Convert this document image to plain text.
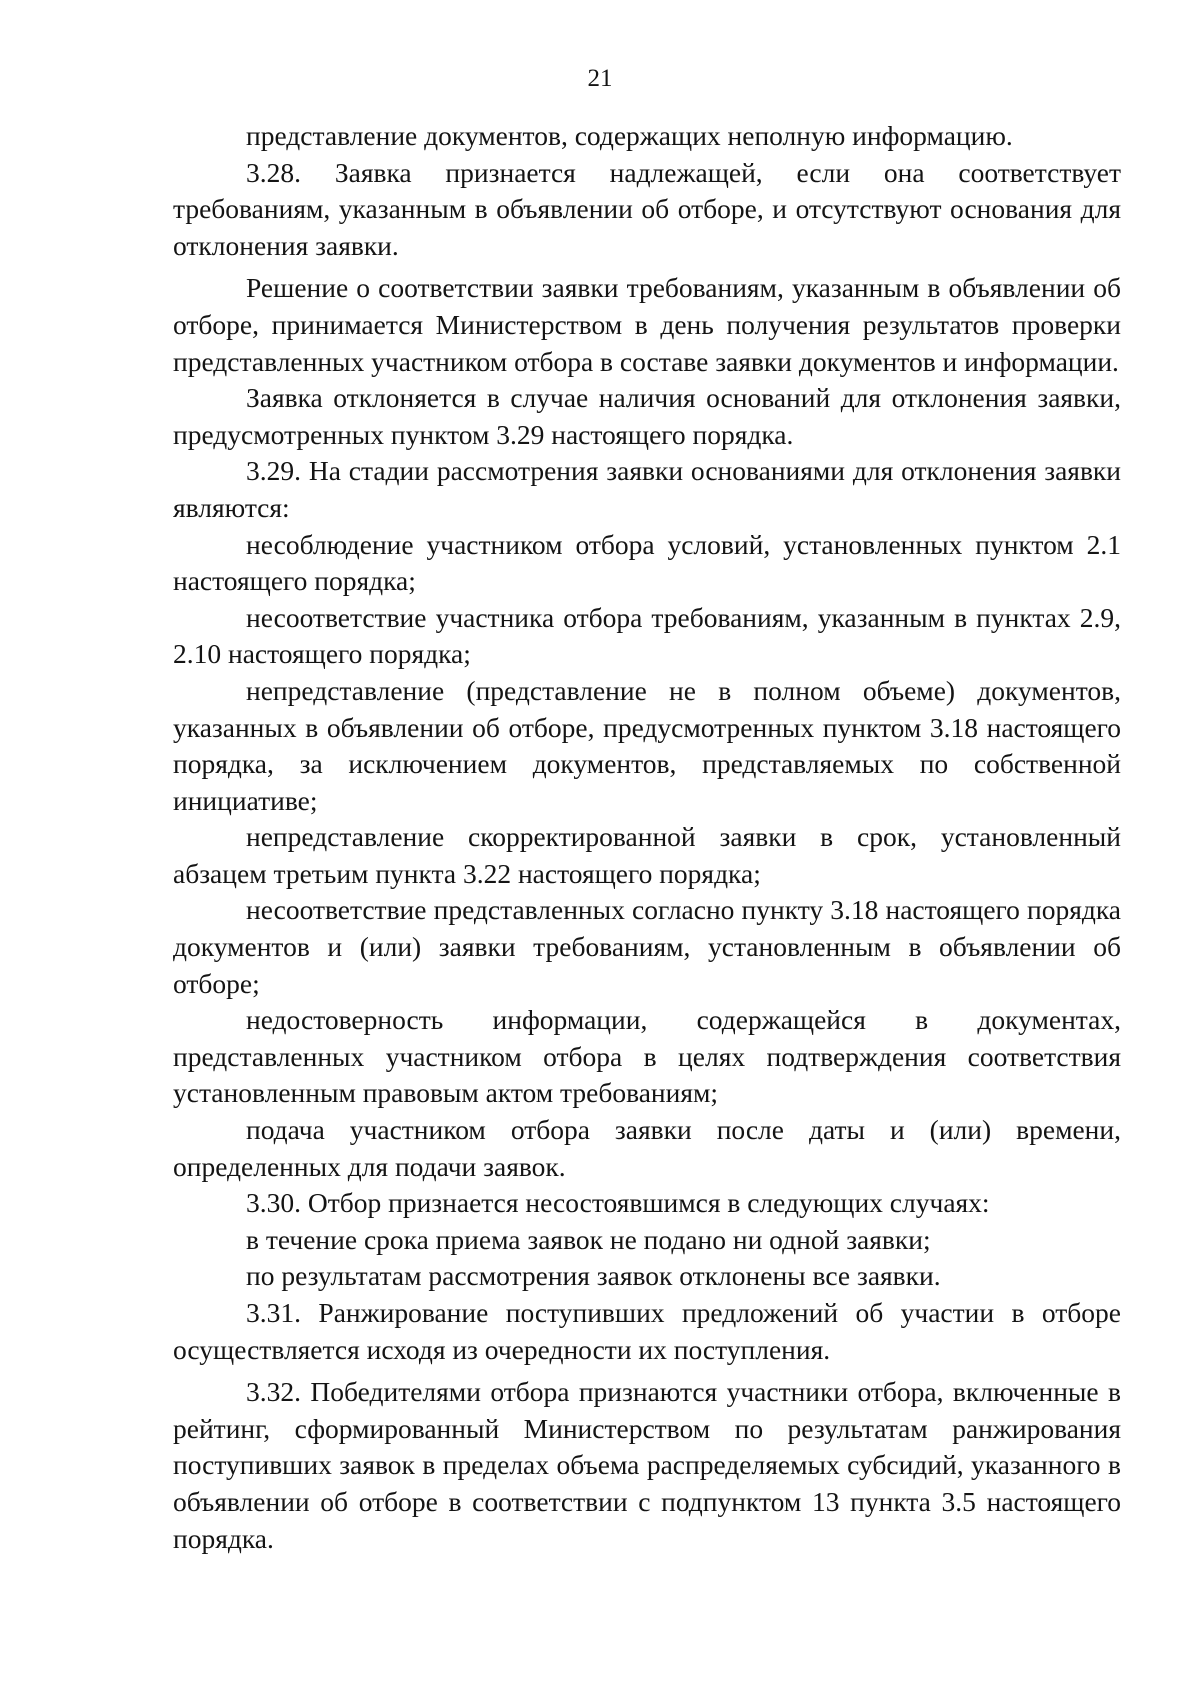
21

представление документов, содержащих неполную информацию.

3.28. Заявка признается надлежащей, если она соответствует требованиям, указанным в объявлении об отборе, и отсутствуют основания для отклонения заявки.

Решение о соответствии заявки требованиям, указанным в объявлении об отборе, принимается Министерством в день получения результатов проверки представленных участником отбора в составе заявки документов и информации.

Заявка отклоняется в случае наличия оснований для отклонения заявки, предусмотренных пунктом 3.29 настоящего порядка.

3.29. На стадии рассмотрения заявки основаниями для отклонения заявки являются:

несоблюдение участником отбора условий, установленных пунктом 2.1 настоящего порядка;

несоответствие участника отбора требованиям, указанным в пунктах 2.9, 2.10 настоящего порядка;

непредставление (представление не в полном объеме) документов, указанных в объявлении об отборе, предусмотренных пунктом 3.18 настоящего порядка, за исключением документов, представляемых по собственной инициативе;

непредставление скорректированной заявки в срок, установленный абзацем третьим пункта 3.22 настоящего порядка;

несоответствие представленных согласно пункту 3.18 настоящего порядка документов и (или) заявки требованиям, установленным в объявлении об отборе;

недостоверность информации, содержащейся в документах, представленных участником отбора в целях подтверждения соответствия установленным правовым актом требованиям;

подача участником отбора заявки после даты и (или) времени, определенных для подачи заявок.

3.30. Отбор признается несостоявшимся в следующих случаях:

в течение срока приема заявок не подано ни одной заявки;

по результатам рассмотрения заявок отклонены все заявки.

3.31. Ранжирование поступивших предложений об участии в отборе осуществляется исходя из очередности их поступления.

3.32. Победителями отбора признаются участники отбора, включенные в рейтинг, сформированный Министерством по результатам ранжирования поступивших заявок в пределах объема распределяемых субсидий, указанного в объявлении об отборе в соответствии с подпунктом 13 пункта 3.5 настоящего порядка.
